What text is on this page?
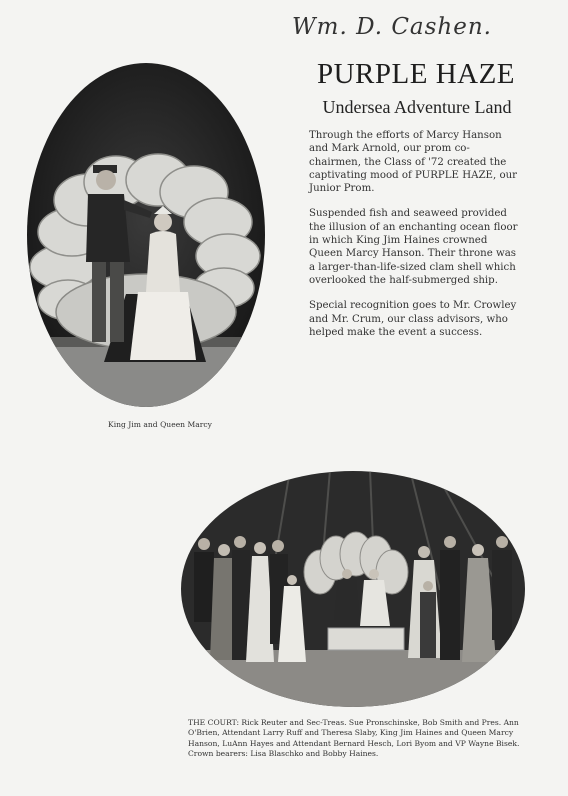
Wm. D. Cashen.
PURPLE HAZE
Undersea Adventure Land

Through the efforts of Marcy Hanson and Mark Arnold, our prom co-chairmen, the Class of '72 created the captivating mood of PURPLE HAZE, our Junior Prom.

Suspended fish and seaweed provided the illusion of an enchanting ocean floor in which King Jim Haines crowned Queen Marcy Hanson. Their throne was a larger-than-life-sized clam shell which overlooked the half-submerged ship.

Special recognition goes to Mr. Crowley and Mr. Crum, our class advisors, who helped make the event a success.

King Jim and Queen Marcy
THE COURT: Rick Reuter and Sec-Treas. Sue Pronschinske, Bob Smith and Pres. Ann O'Brien, Attendant Larry Ruff and Theresa Slaby, King Jim Haines and Queen Marcy Hanson, LuAnn Hayes and Attendant Bernard Hesch, Lori Byom and VP Wayne Bisek. Crown bearers: Lisa Blaschko and Bobby Haines.
